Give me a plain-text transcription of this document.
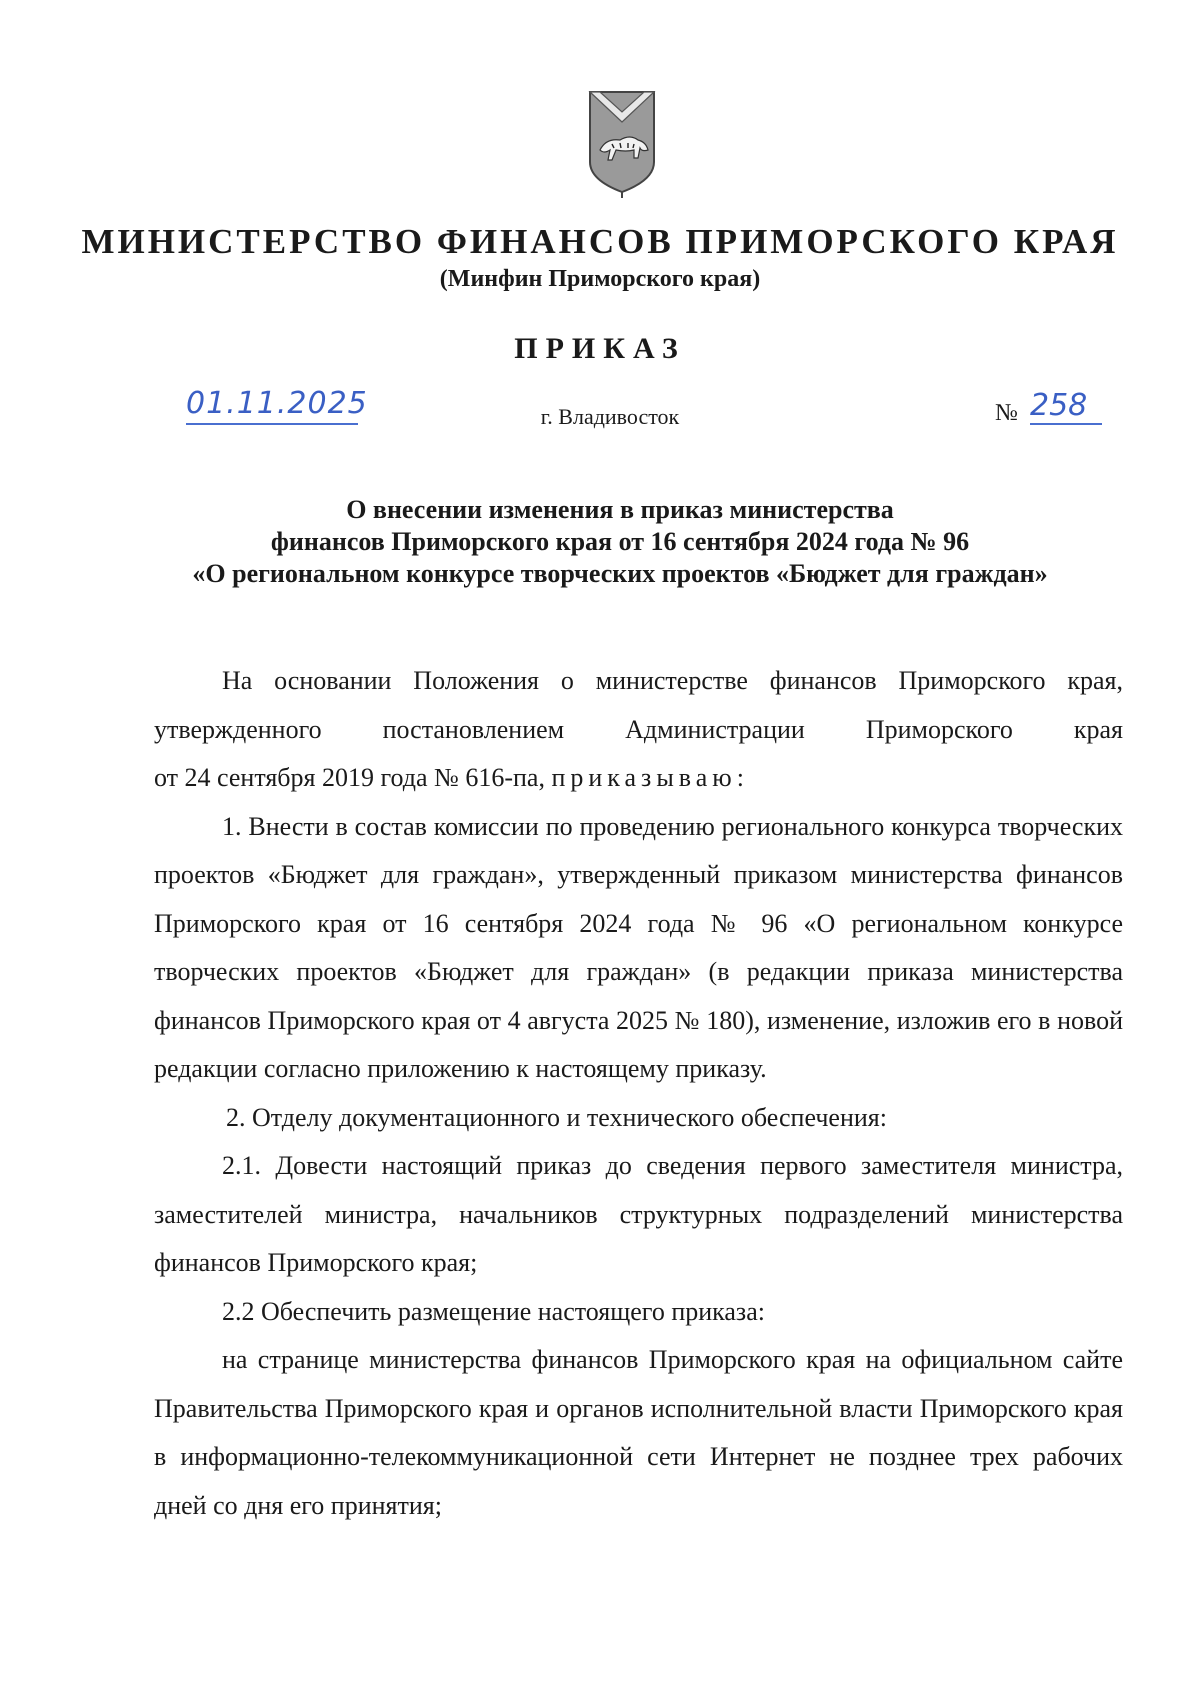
МИНИСТЕРСТВО ФИНАНСОВ ПРИМОРСКОГО КРАЯ
(Минфин Приморского края)
ПРИКАЗ
01.11.2025	г. Владивосток	№ 258
О внесении изменения в приказ министерства
финансов Приморского края от 16 сентября 2024 года № 96
«О региональном конкурсе творческих проектов «Бюджет для граждан»

На основании Положения о министерстве финансов Приморского края,

утвержденного постановлением Администрации Приморского края

от 24 сентября 2019 года № 616-па, приказываю:

1. Внести в состав комиссии по проведению регионального конкурса творческих проектов «Бюджет для граждан», утвержденный приказом министерства финансов Приморского края от 16 сентября 2024 года № 96 «О региональном конкурсе творческих проектов «Бюджет для граждан» (в редакции приказа министерства финансов Приморского края от 4 августа 2025 № 180), изменение, изложив его в новой редакции согласно приложению к настоящему приказу.

2. Отделу документационного и технического обеспечения:

2.1. Довести настоящий приказ до сведения первого заместителя министра, заместителей министра, начальников структурных подразделений министерства финансов Приморского края;

2.2 Обеспечить размещение настоящего приказа:

на странице министерства финансов Приморского края на официальном сайте Правительства Приморского края и органов исполнительной власти Приморского края в информационно-телекоммуникационной сети Интернет не позднее трех рабочих дней со дня его принятия;
